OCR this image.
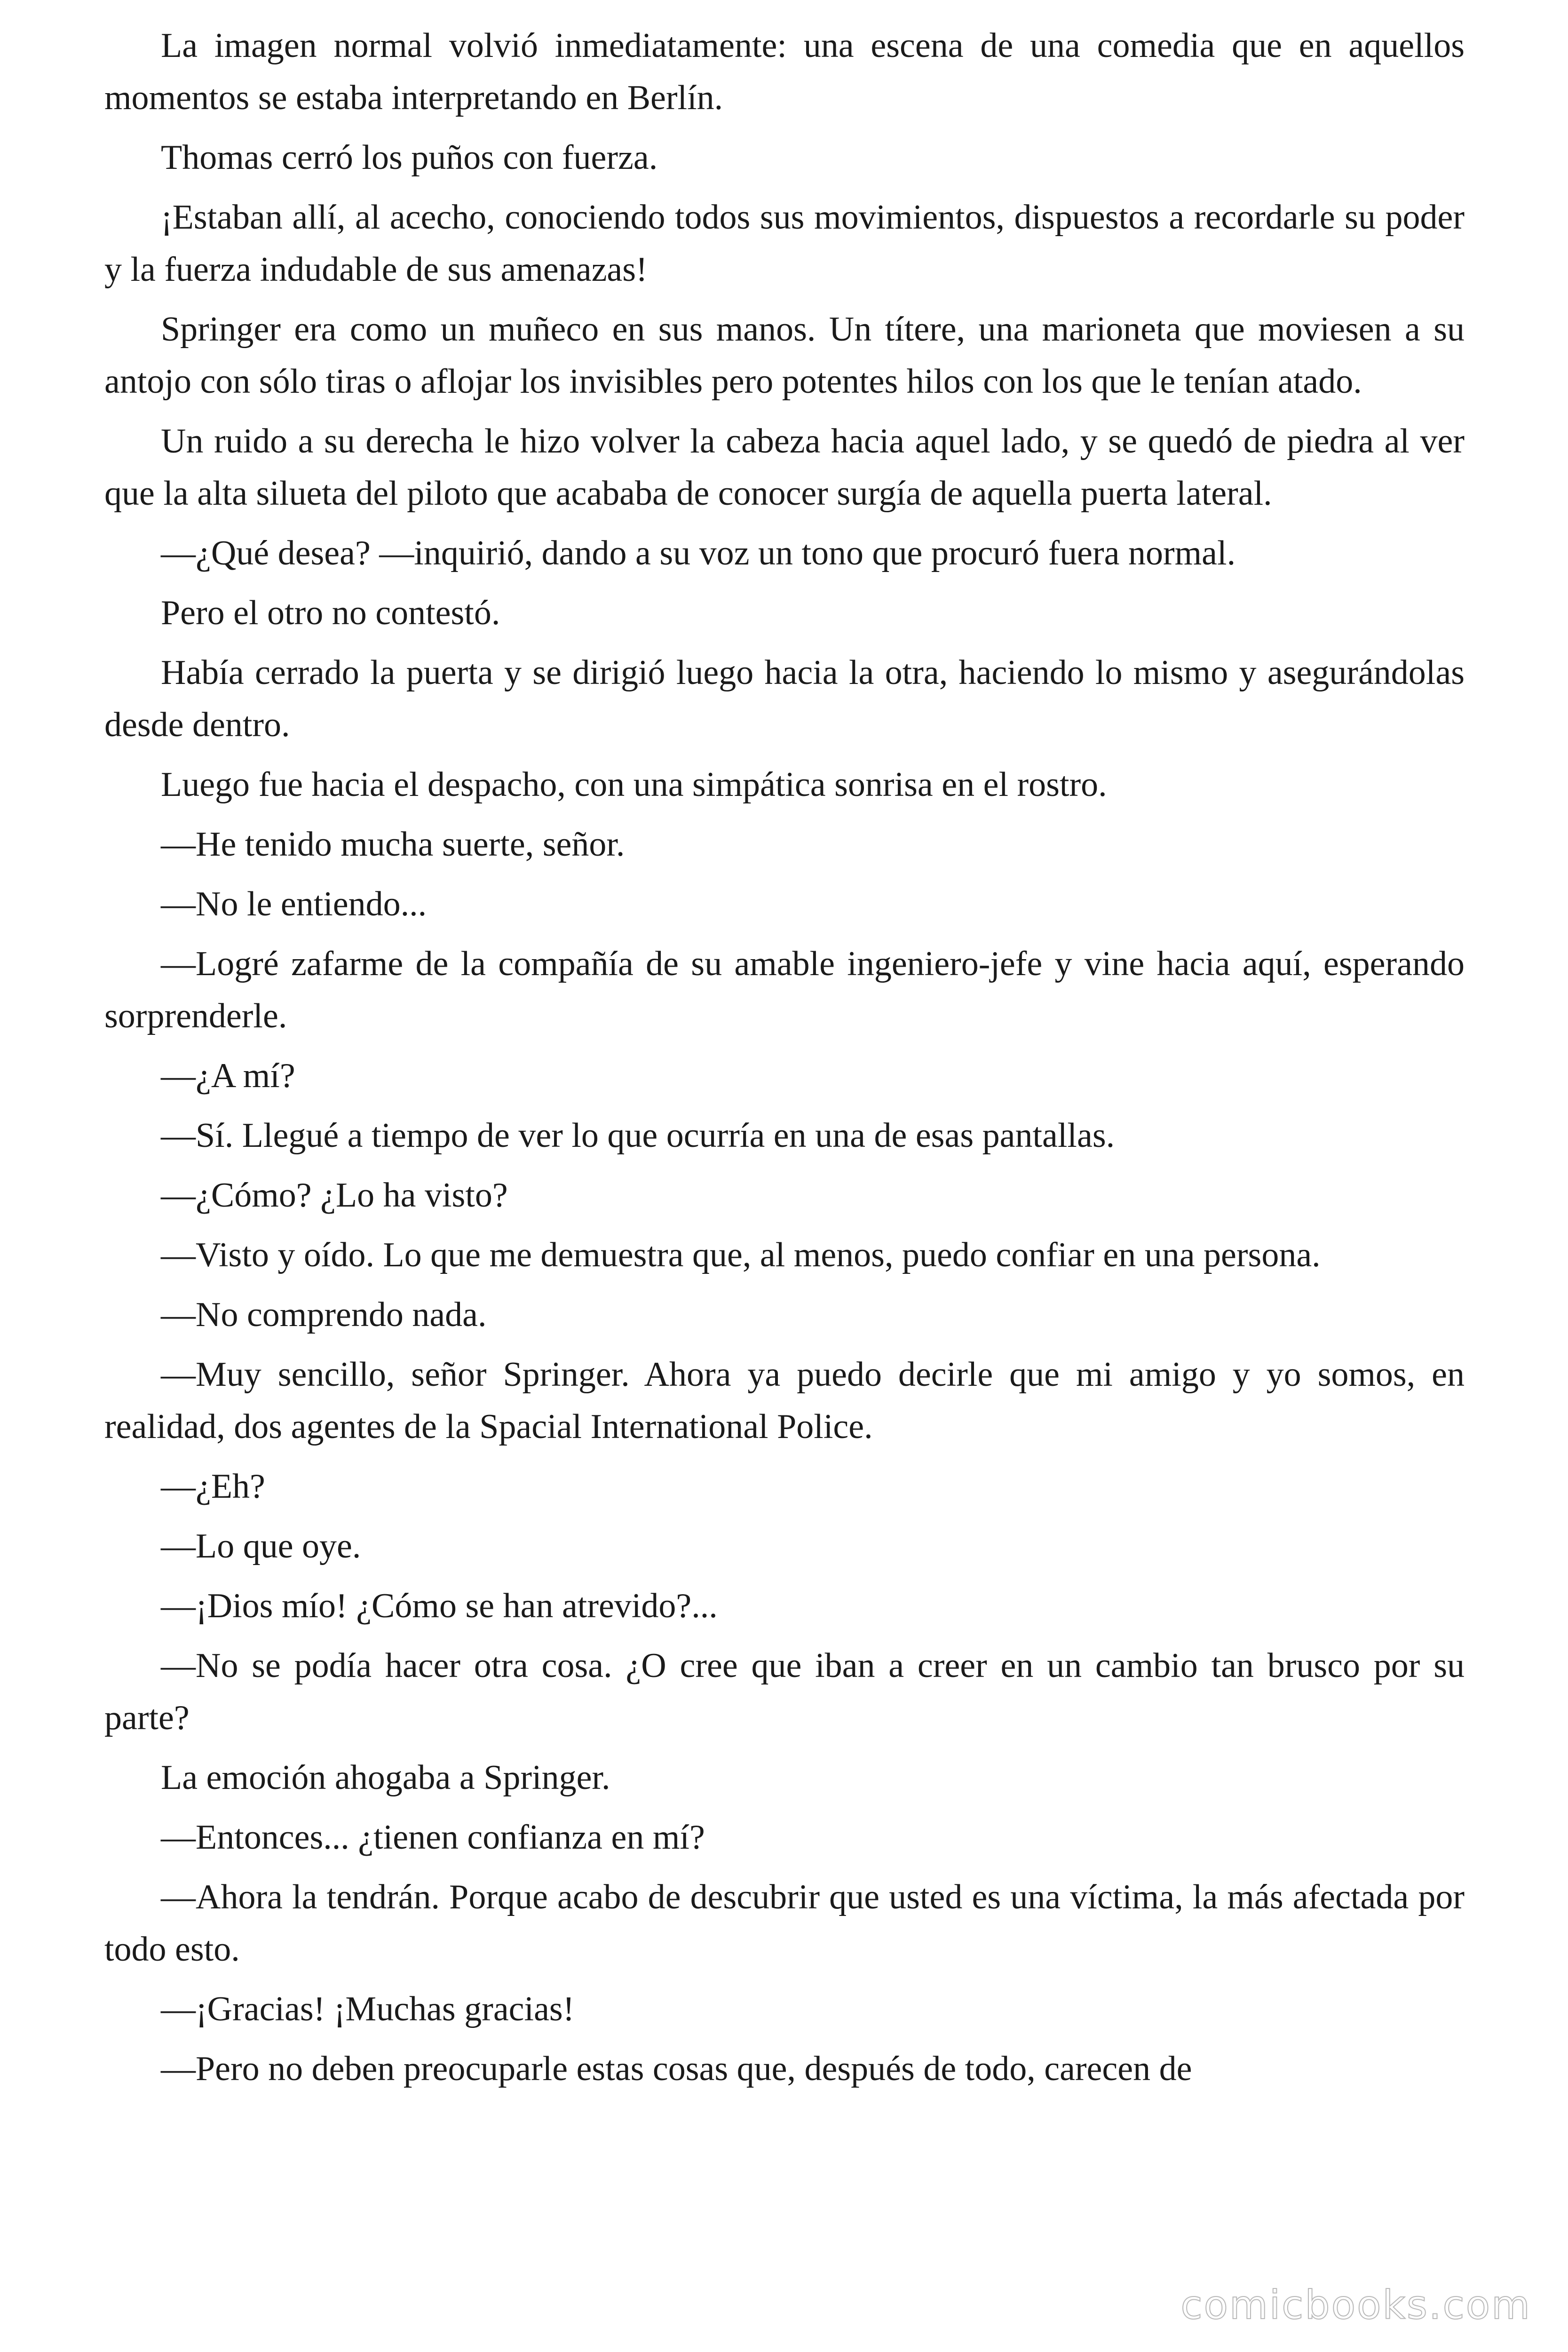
La imagen normal volvió inmediatamente: una escena de una comedia que en aquellos momentos se estaba interpretando en Berlín.

Thomas cerró los puños con fuerza.

¡Estaban allí, al acecho, conociendo todos sus movimientos, dispuestos a recordarle su poder y la fuerza indudable de sus amenazas!

Springer era como un muñeco en sus manos. Un títere, una marioneta que moviesen a su antojo con sólo tiras o aflojar los invisibles pero potentes hilos con los que le tenían atado.

Un ruido a su derecha le hizo volver la cabeza hacia aquel lado, y se quedó de piedra al ver que la alta silueta del piloto que acababa de conocer surgía de aquella puerta lateral.

—¿Qué desea? —inquirió, dando a su voz un tono que procuró fuera normal.

Pero el otro no contestó.

Había cerrado la puerta y se dirigió luego hacia la otra, haciendo lo mismo y asegurándolas desde dentro.

Luego fue hacia el despacho, con una simpática sonrisa en el rostro.

—He tenido mucha suerte, señor.

—No le entiendo...

—Logré zafarme de la compañía de su amable ingeniero-jefe y vine hacia aquí, esperando sorprenderle.

—¿A mí?

—Sí. Llegué a tiempo de ver lo que ocurría en una de esas pantallas.

—¿Cómo? ¿Lo ha visto?

—Visto y oído. Lo que me demuestra que, al menos, puedo confiar en una persona.

—No comprendo nada.

—Muy sencillo, señor Springer. Ahora ya puedo decirle que mi amigo y yo somos, en realidad, dos agentes de la Spacial International Police.

—¿Eh?

—Lo que oye.

—¡Dios mío! ¿Cómo se han atrevido?...

—No se podía hacer otra cosa. ¿O cree que iban a creer en un cambio tan brusco por su parte?

La emoción ahogaba a Springer.

—Entonces... ¿tienen confianza en mí?

—Ahora la tendrán. Porque acabo de descubrir que usted es una víctima, la más afectada por todo esto.

—¡Gracias! ¡Muchas gracias!

—Pero no deben preocuparle estas cosas que, después de todo, carecen de

comicbooks.com
